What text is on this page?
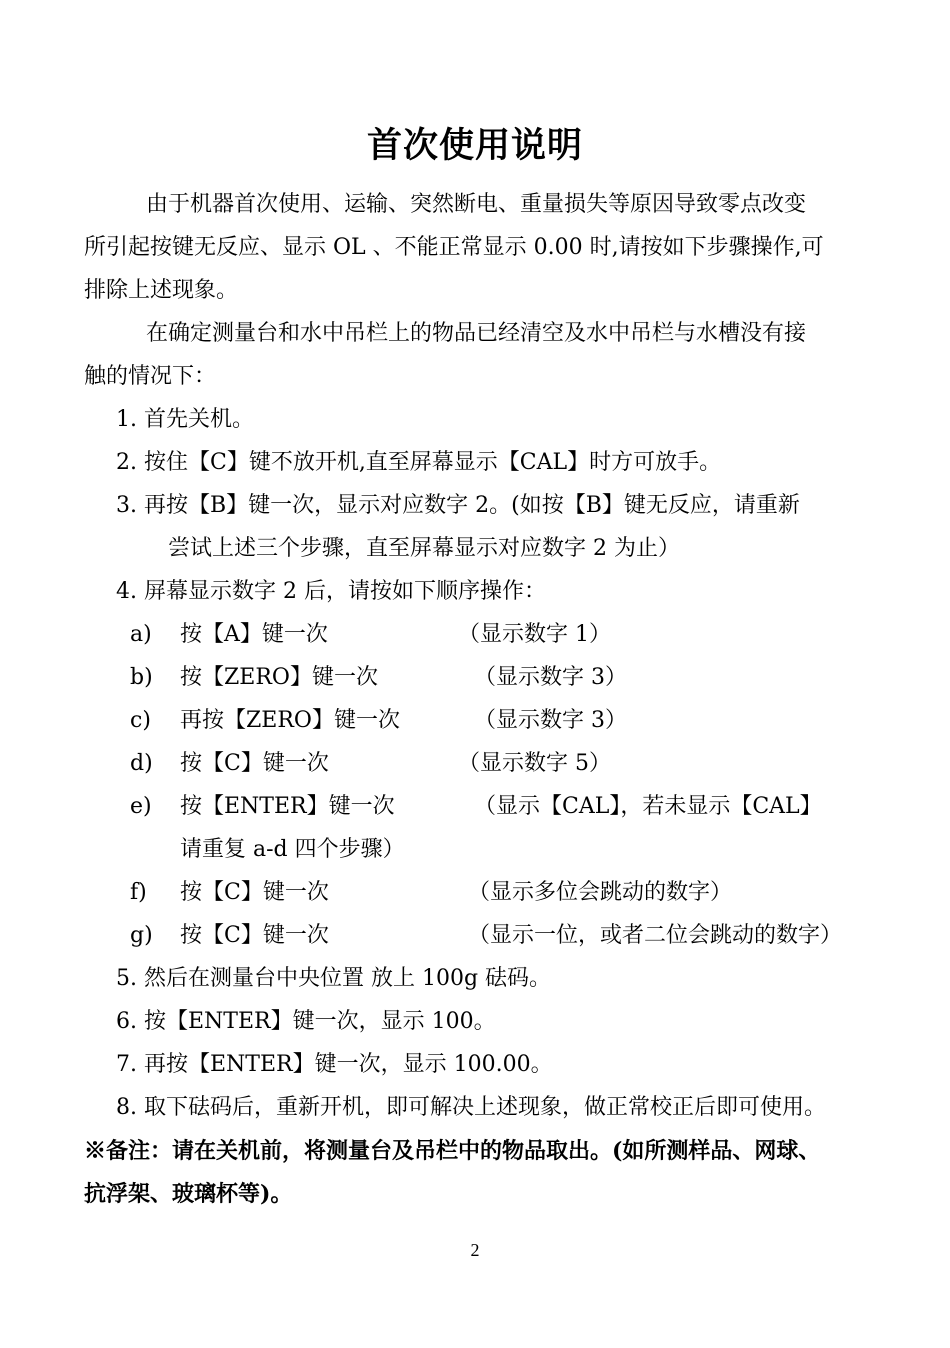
首次使用说明
由于机器首次使用、运输、突然断电、重量损失等原因导致零点改变
所引起按键无反应、显示 OL 、不能正常显示 0.00 时,请按如下步骤操作,可
排除上述现象。
在确定测量台和水中吊栏上的物品已经清空及水中吊栏与水槽没有接
触的情况下：
1. 首先关机。
2. 按住【C】键不放开机,直至屏幕显示【CAL】时方可放手。
3. 再按【B】键一次，显示对应数字 2。(如按【B】键无反应，请重新
尝试上述三个步骤，直至屏幕显示对应数字 2 为止）
4. 屏幕显示数字 2 后，请按如下顺序操作：
a) 按【A】键一次	（显示数字 1）
b) 按【ZERO】键一次	（显示数字 3）
c) 再按【ZERO】键一次	（显示数字 3）
d) 按【C】键一次	（显示数字 5）
e) 按【ENTER】键一次	（显示【CAL】，若未显示【CAL】
请重复 a-d 四个步骤）
f) 按【C】键一次	（显示多位会跳动的数字）
g) 按【C】键一次	（显示一位，或者二位会跳动的数字）
5. 然后在测量台中央位置 放上 100g 砝码。
6. 按【ENTER】键一次，显示 100。
7. 再按【ENTER】键一次，显示 100.00。
8. 取下砝码后，重新开机，即可解决上述现象，做正常校正后即可使用。
※备注：请在关机前，将测量台及吊栏中的物品取出。(如所测样品、网球、
抗浮架、玻璃杯等)。
2
